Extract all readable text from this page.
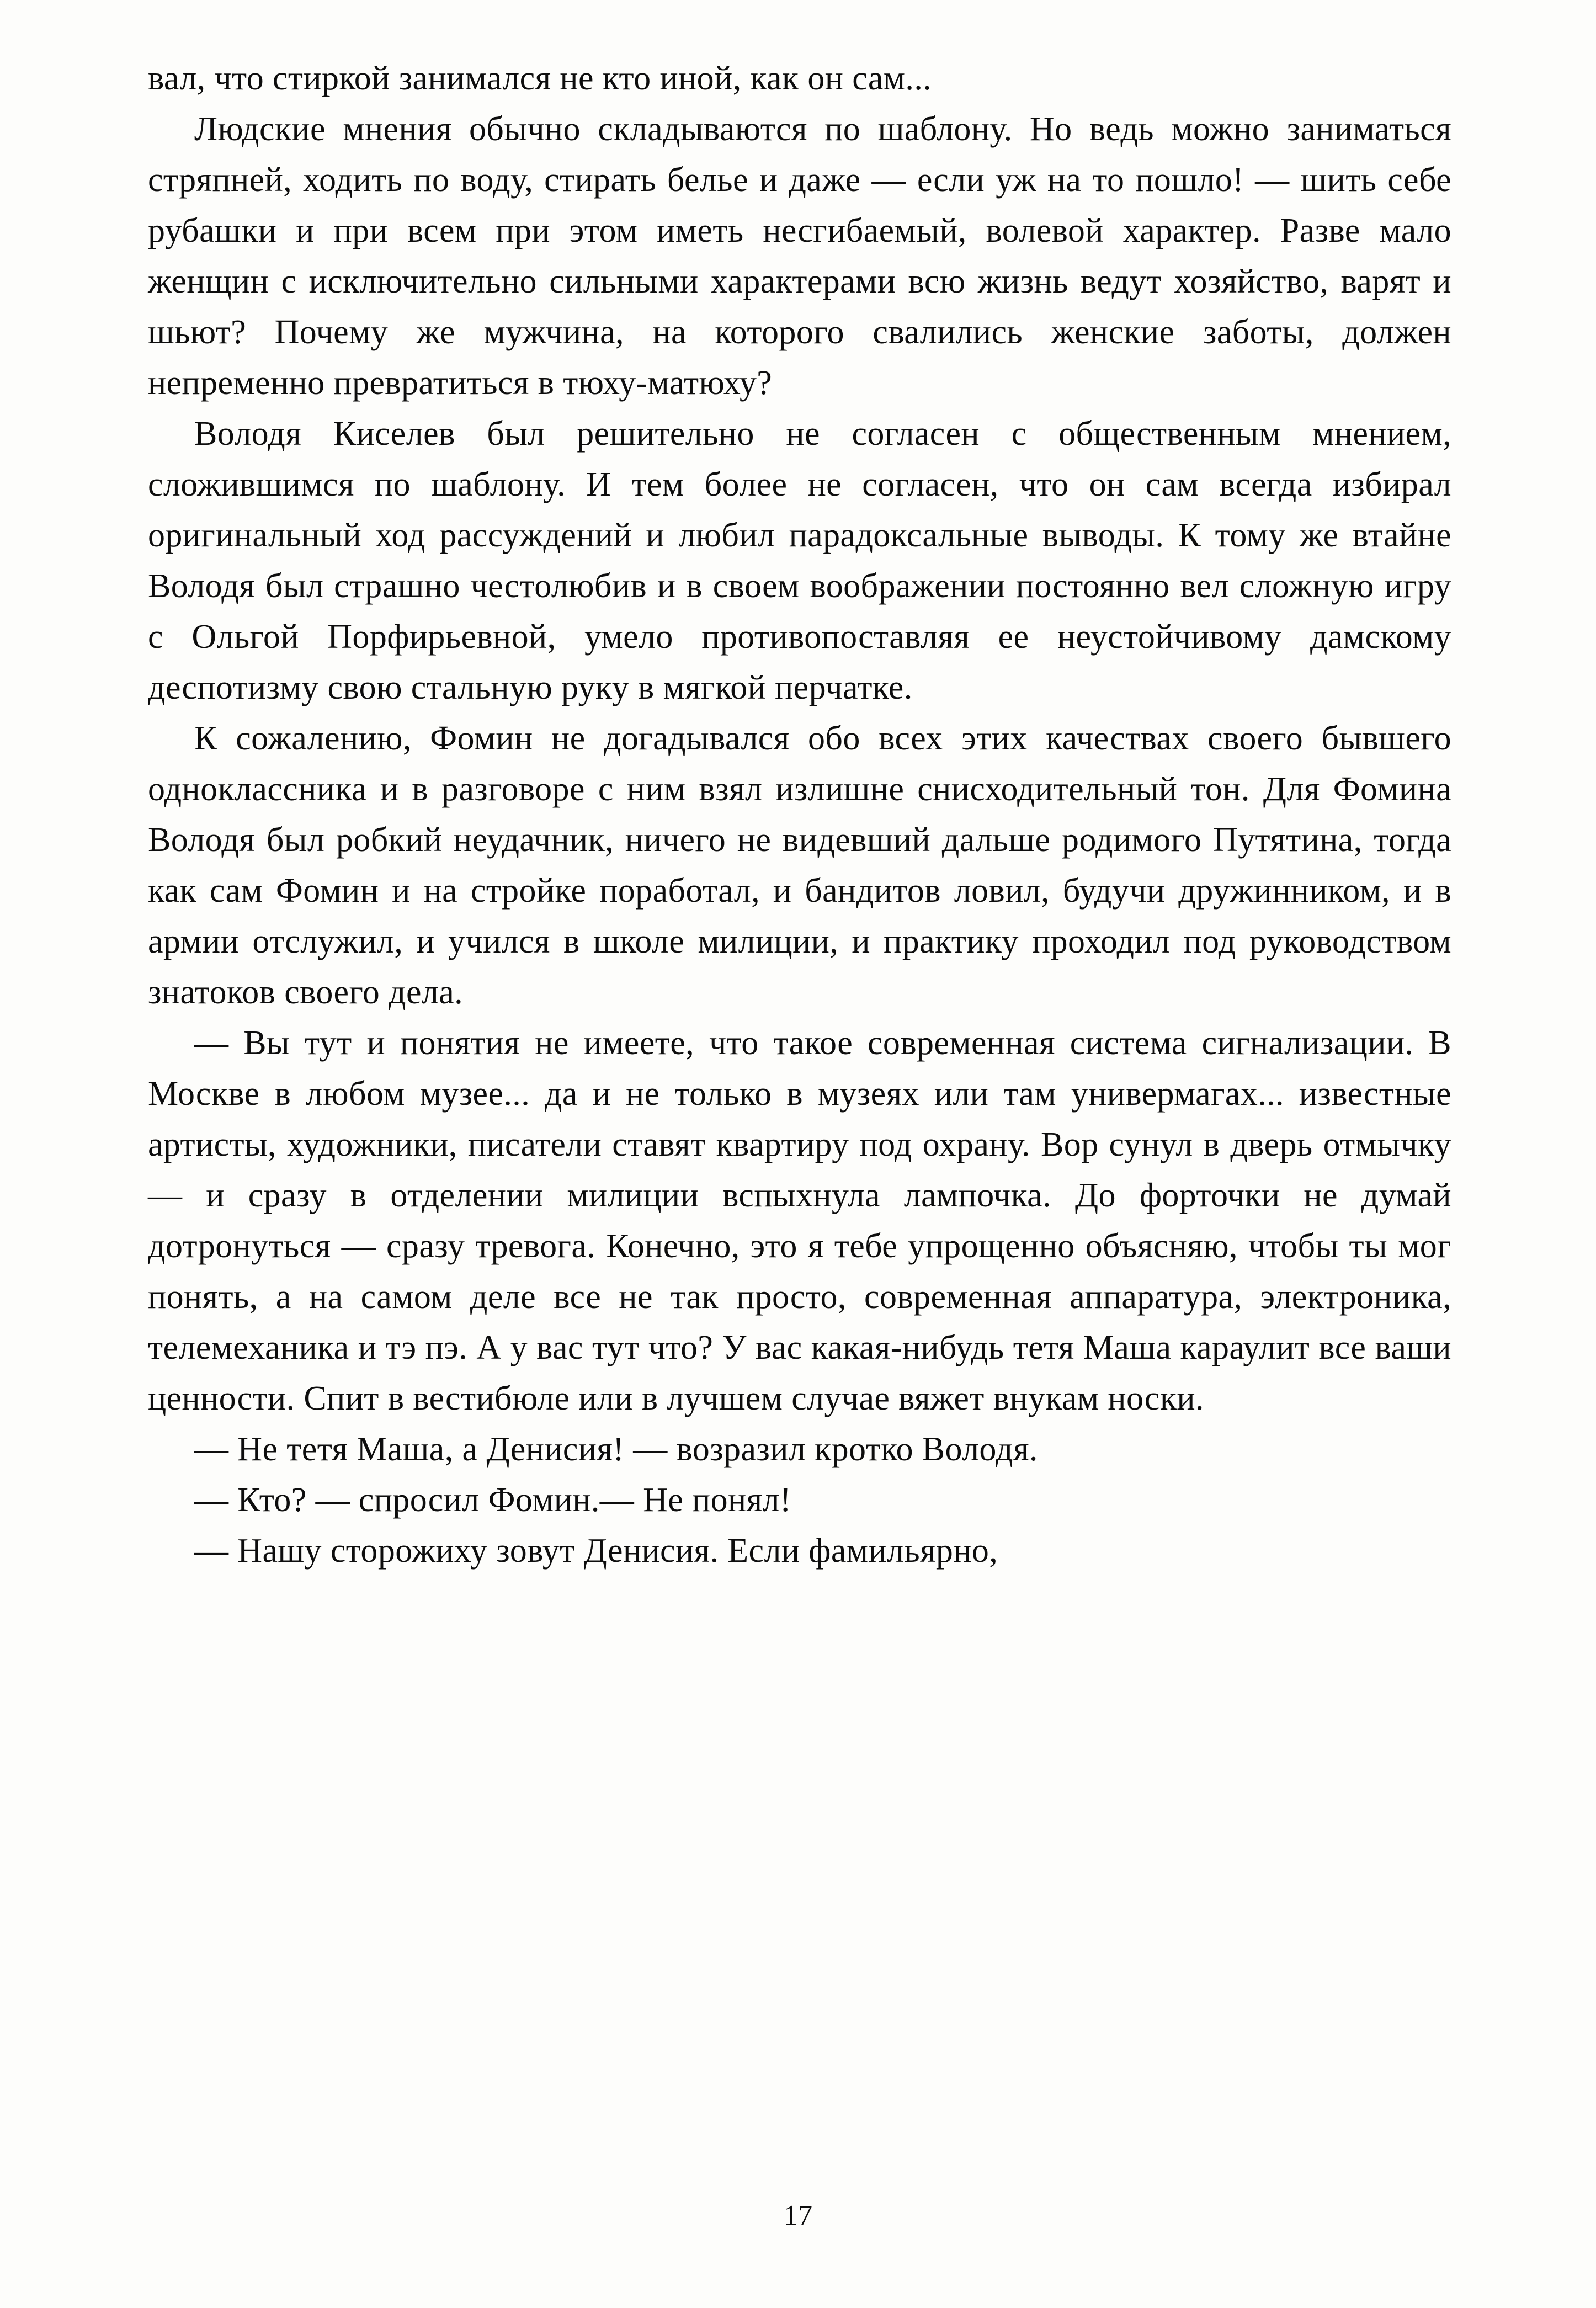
вал, что стиркой занимался не кто иной, как он сам...

Людские мнения обычно складываются по шаблону. Но ведь можно заниматься стряпней, ходить по воду, стирать белье и даже — если уж на то пошло! — шить себе рубашки и при всем при этом иметь несгибаемый, волевой характер. Разве мало женщин с исключительно сильными характерами всю жизнь ведут хозяйство, варят и шьют? Почему же мужчина, на которого свалились женские заботы, должен непременно превратиться в тюху-матюху?

Володя Киселев был решительно не согласен с общественным мнением, сложившимся по шаблону. И тем более не согласен, что он сам всегда избирал оригинальный ход рассуждений и любил парадоксальные выводы. К тому же втайне Володя был страшно честолюбив и в своем воображении постоянно вел сложную игру с Ольгой Порфирьевной, умело противопоставляя ее неустойчивому дамскому деспотизму свою стальную руку в мягкой перчатке.

К сожалению, Фомин не догадывался обо всех этих качествах своего бывшего одноклассника и в разговоре с ним взял излишне снисходительный тон. Для Фомина Володя был робкий неудачник, ничего не видевший дальше родимого Путятина, тогда как сам Фомин и на стройке поработал, и бандитов ловил, будучи дружинником, и в армии отслужил, и учился в школе милиции, и практику проходил под руководством знатоков своего дела.

— Вы тут и понятия не имеете, что такое современная система сигнализации. В Москве в любом музее... да и не только в музеях или там универмагах... известные артисты, художники, писатели ставят квартиру под охрану. Вор сунул в дверь отмычку — и сразу в отделении милиции вспыхнула лампочка. До форточки не думай дотронуться — сразу тревога. Конечно, это я тебе упрощенно объясняю, чтобы ты мог понять, а на самом деле все не так просто, современная аппаратура, электроника, телемеханика и тэ пэ. А у вас тут что? У вас какая-нибудь тетя Маша караулит все ваши ценности. Спит в вестибюле или в лучшем случае вяжет внукам носки.

— Не тетя Маша, а Денисия! — возразил кротко Володя.

— Кто? — спросил Фомин.— Не понял!

— Нашу сторожиху зовут Денисия. Если фамильярно,

17
